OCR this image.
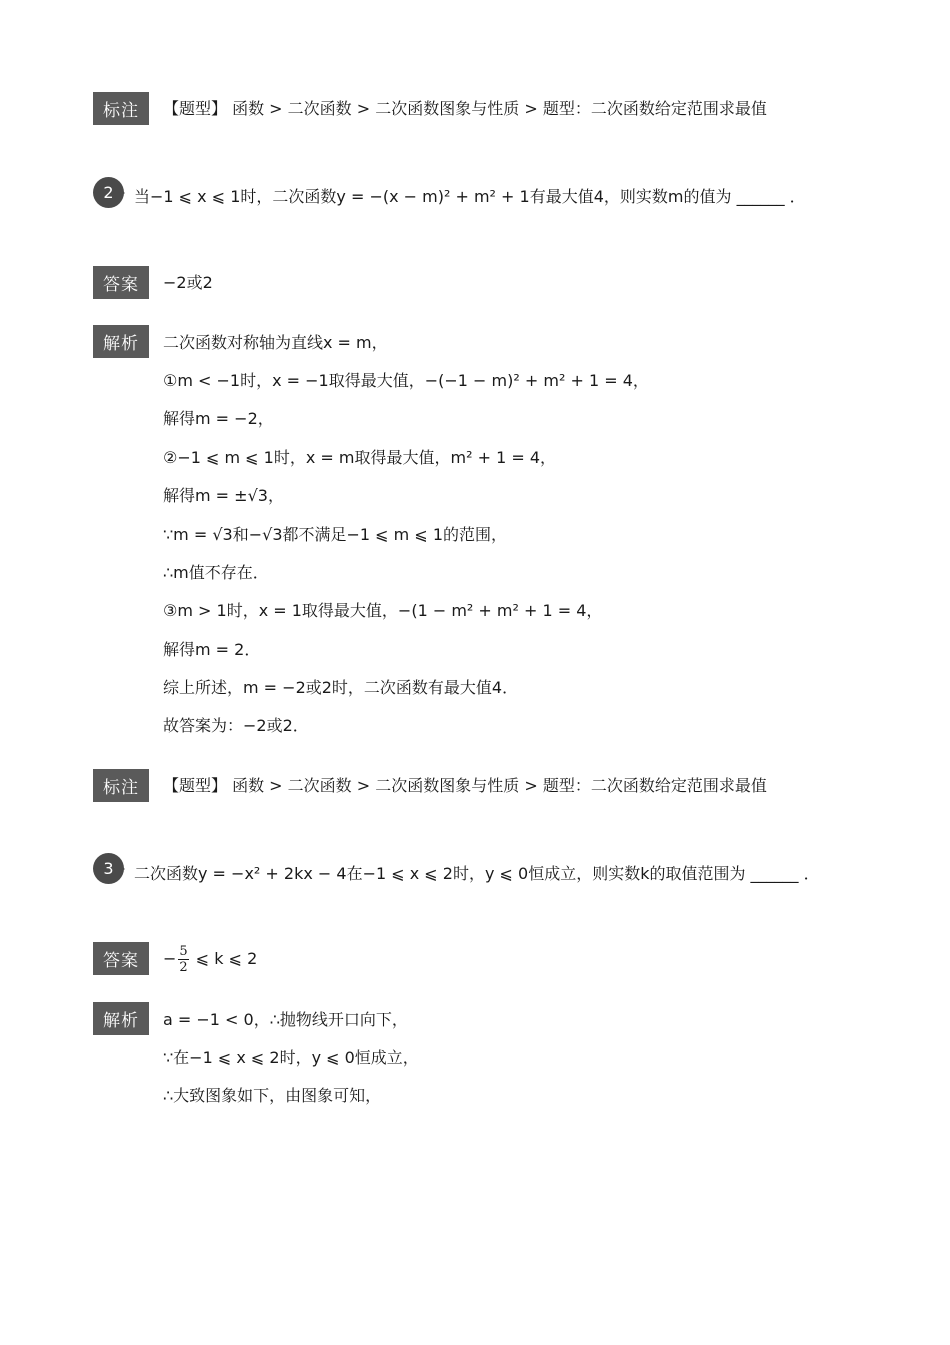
标注	【题型】 函数 > 二次函数 > 二次函数图象与性质 > 题型：二次函数给定范围求最值
2 当−1 ⩽ x ⩽ 1时，二次函数y = −(x − m)² + m² + 1有最大值4，则实数m的值为 ______ ．
答案	−2或2
解析	二次函数对称轴为直线x = m，
①m < −1时，x = −1取得最大值，−(−1 − m)² + m² + 1 = 4，
解得m = −2，
②−1 ⩽ m ⩽ 1时，x = m取得最大值，m² + 1 = 4，
解得m = ±√3，
∵m = √3和−√3都不满足−1 ⩽ m ⩽ 1的范围，
∴m值不存在．
③m > 1时，x = 1取得最大值，−(1 − m² + m² + 1 = 4，
解得m = 2．
综上所述，m = −2或2时，二次函数有最大值4．
故答案为：−2或2．
标注	【题型】 函数 > 二次函数 > 二次函数图象与性质 > 题型：二次函数给定范围求最值
3 二次函数y = −x² + 2kx − 4在−1 ⩽ x ⩽ 2时，y ⩽ 0恒成立，则实数k的取值范围为 ______ ．
答案	− $\frac{5}{2}$ ⩽ k ⩽ 2
解析	a = −1 < 0，∴抛物线开口向下，
∵在−1 ⩽ x ⩽ 2时，y ⩽ 0恒成立，
∴大致图象如下，由图象可知，
